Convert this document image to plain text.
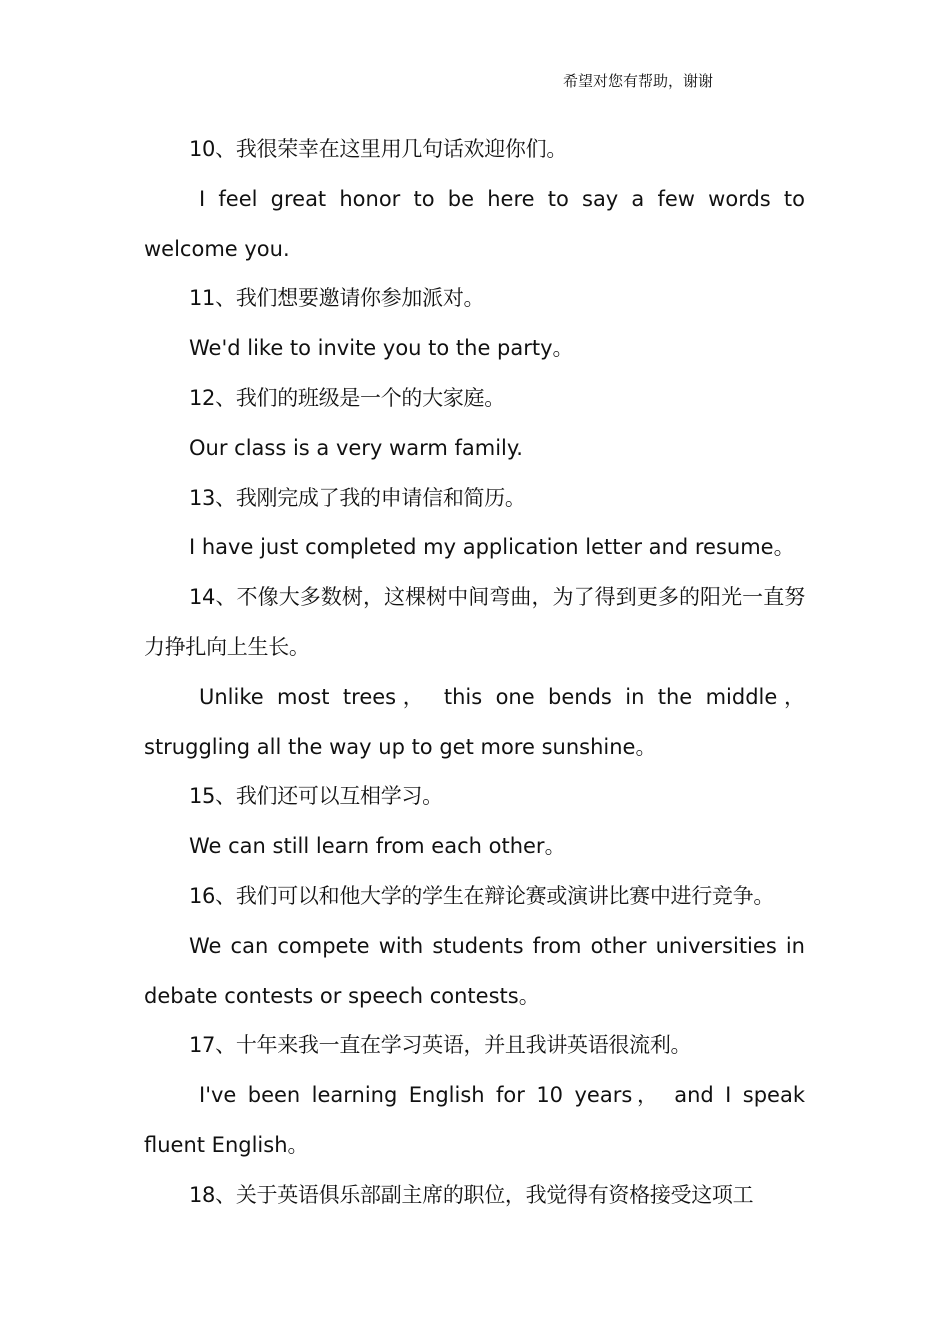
希望对您有帮助，谢谢

10、我很荣幸在这里用几句话欢迎你们。

I feel great honor to be here to say a few words to welcome you.

11、我们想要邀请你参加派对。

We'd like to invite you to the party。

12、我们的班级是一个的大家庭。

Our class is a very warm family.

13、我刚完成了我的申请信和简历。

I have just completed my application letter and resume。

14、不像大多数树，这棵树中间弯曲，为了得到更多的阳光一直努力挣扎向上生长。

Unlike most trees， this one bends in the middle，struggling all the way up to get more sunshine。

15、我们还可以互相学习。

We can still learn from each other。

16、我们可以和他大学的学生在辩论赛或演讲比赛中进行竞争。

We can compete with students from other universities in debate contests or speech contests。

17、十年来我一直在学习英语，并且我讲英语很流利。

I've been learning English for 10 years， and I speak fluent English。

18、关于英语俱乐部副主席的职位，我觉得有资格接受这项工
